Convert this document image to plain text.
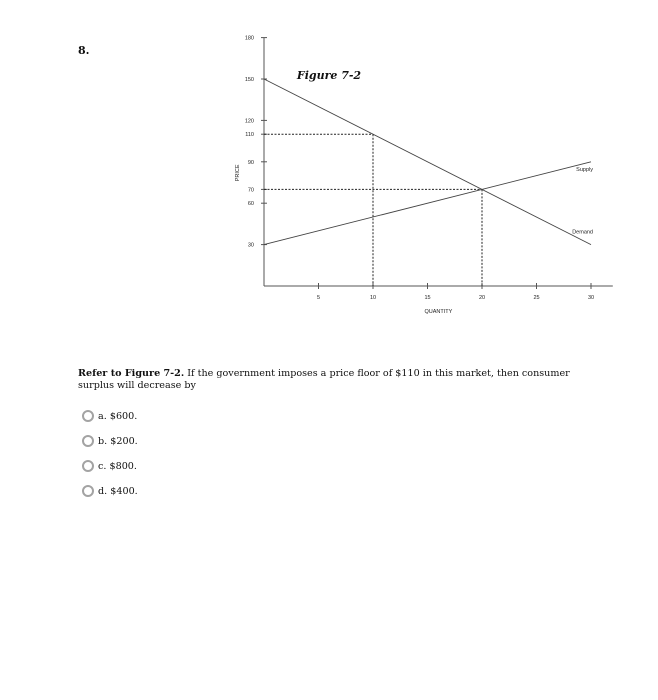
8.
Figure 7-2
30
60
70
90
110
120
150
180
5	10	15	20	25	30
QUANTITY
PRICE	Supply
Demand
Refer to Figure 7-2. If the government imposes a price floor of $110 in this market, then consumer surplus will decrease by
a. $600.
b. $200.
c. $800.
d. $400.
